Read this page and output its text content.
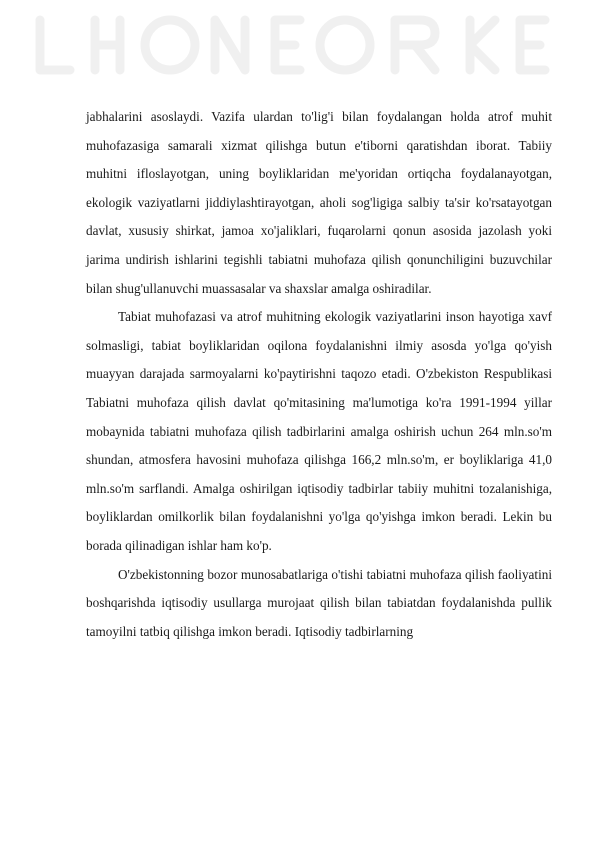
jabhalarini asoslaydi. Vazifa ulardan to'lig'i bilan foydalangan holda atrof muhit muhofazasiga samarali xizmat qilishga butun e'tiborni qaratishdan iborat. Tabiiy muhitni ifloslayotgan, uning boyliklaridan me'yoridan ortiqcha foydalanayotgan, ekologik vaziyatlarni jiddiylashtirayotgan, aholi sog'ligiga salbiy ta'sir ko'rsatayotgan davlat, xususiy shirkat, jamoa xo'jaliklari, fuqarolarni qonun asosida jazolash yoki jarima undirish ishlarini tegishli tabiatni muhofaza qilish qonunchiligini buzuvchilar bilan shug'ullanuvchi muassasalar va shaxslar amalga oshiradilar.

Tabiat muhofazasi va atrof muhitning ekologik vaziyatlarini inson hayotiga xavf solmasligi, tabiat boyliklaridan oqilona foydalanishni ilmiy asosda yo'lga qo'yish muayyan darajada sarmoyalarni ko'paytirishni taqozo etadi. O'zbekiston Respublikasi Tabiatni muhofaza qilish davlat qo'mitasining ma'lumotiga ko'ra 1991-1994 yillar mobaynida tabiatni muhofaza qilish tadbirlarini amalga oshirish uchun 264 mln.so'm shundan, atmosfera havosini muhofaza qilishga 166,2 mln.so'm, er boyliklariga 41,0 mln.so'm sarflandi. Amalga oshirilgan iqtisodiy tadbirlar tabiiy muhitni tozalanishiga, boyliklardan omilkorlik bilan foydalanishni yo'lga qo'yishga imkon beradi. Lekin bu borada qilinadigan ishlar ham ko'p.

O'zbekistonning bozor munosabatlariga o'tishi tabiatni muhofaza qilish faoliyatini boshqarishda iqtisodiy usullarga murojaat qilish bilan tabiatdan foydalanishda pullik tamoyilni tatbiq qilishga imkon beradi. Iqtisodiy tadbirlarning
